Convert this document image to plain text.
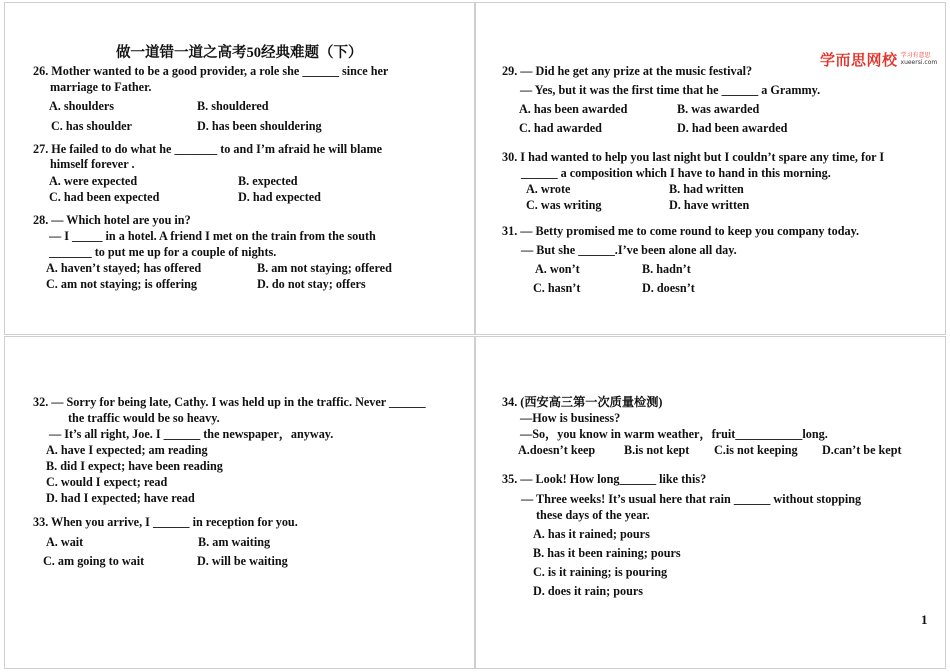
做一道错一道之高考50经典难题（下）
26. Mother wanted to be a good provider, a role she ______ since her
marriage to Father.
A. shoulders	B. shouldered
C. has shoulder	D. has been shouldering
27. He failed to do what he _______ to and I’m afraid he will blame
himself forever .
A. were expected	B. expected
C. had been expected	D. had expected
28. — Which hotel are you in?
— I _____ in a hotel. A friend I met on the train from the south
_______ to put me up for a couple of nights.
A. haven’t stayed; has offered	B. am not staying; offered
C. am not staying; is offering	D. do not stay; offers
学而思网校 学习有意思
xueersi.com
29. — Did he get any prize at the music festival?
— Yes, but it was the first time that he ______ a Grammy.
A. has been awarded	B. was awarded
C. had awarded	D. had been awarded
30. I had wanted to help you last night but I couldn’t spare any time, for I
______ a composition which I have to hand in this morning.
A. wrote	B. had written
C. was writing	D. have written
31. — Betty promised me to come round to keep you company today.
— But she ______.I’ve been alone all day.
A. won’t	B. hadn’t
C. hasn’t	D. doesn’t
32. — Sorry for being late, Cathy. I was held up in the traffic. Never ______
the traffic would be so heavy.
— It’s all right, Joe. I ______ the newspaper，anyway.
A. have I expected; am reading
B. did I expect; have been reading
C. would I expect; read
D. had I expected; have read
33. When you arrive, I ______ in reception for you.
A. wait	B. am waiting
C. am going to wait	D. will be waiting
34. (西安高三第一次质量检测)
—How is business?
—So，you know in warm weather，fruit___________long.
A.doesn’t keep B.is not kept C.is not keeping D.can’t be kept
35. — Look! How long______ like this?
— Three weeks! It’s usual here that rain ______ without stopping
these days of the year.
A. has it rained; pours
B. has it been raining; pours
C. is it raining; is pouring
D. does it rain; pours
1
